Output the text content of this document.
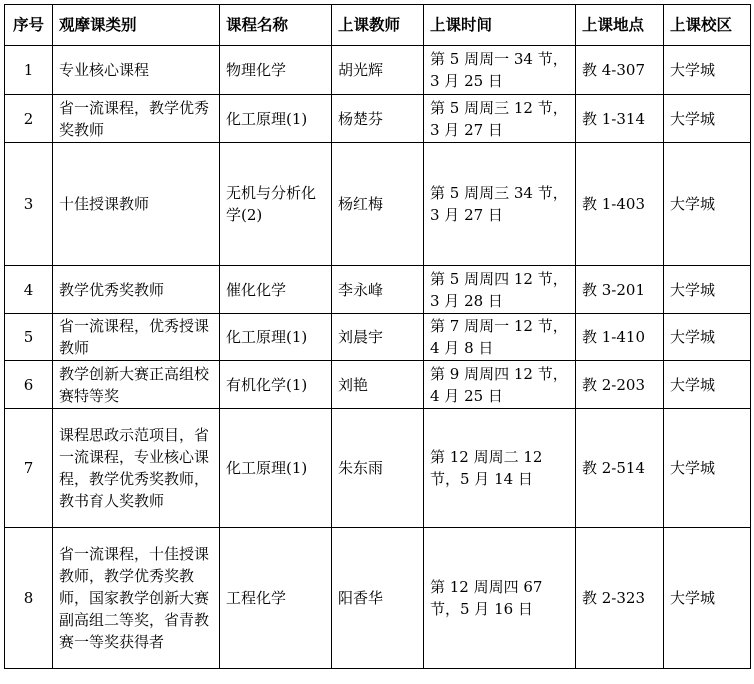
序号	观摩课类别	课程名称	上课教师	上课时间	上课地点	上课校区
1	专业核心课程	物理化学	胡光辉	第 5 周周一 34 节，3 月 25 日	教 4-307	大学城
2	省一流课程，教学优秀奖教师	化工原理(1)	杨楚芬	第 5 周周三 12 节，3 月 27 日	教 1-314	大学城
3	十佳授课教师	无机与分析化学(2)	杨红梅	第 5 周周三 34 节，3 月 27 日	教 1-403	大学城
4	教学优秀奖教师	催化化学	李永峰	第 5 周周四 12 节，3 月 28 日	教 3-201	大学城
5	省一流课程，优秀授课教师	化工原理(1)	刘晨宇	第 7 周周一 12 节，4 月 8 日	教 1-410	大学城
6	教学创新大赛正高组校赛特等奖	有机化学(1)	刘艳	第 9 周周四 12 节，4 月 25 日	教 2-203	大学城
7	课程思政示范项目，省一流课程，专业核心课程，教学优秀奖教师，教书育人奖教师	化工原理(1)	朱东雨	第 12 周周二 12 节，5 月 14 日	教 2-514	大学城
8	省一流课程，十佳授课教师，教学优秀奖教师，国家教学创新大赛副高组二等奖，省青教赛一等奖获得者	工程化学	阳香华	第 12 周周四 67 节，5 月 16 日	教 2-323	大学城
